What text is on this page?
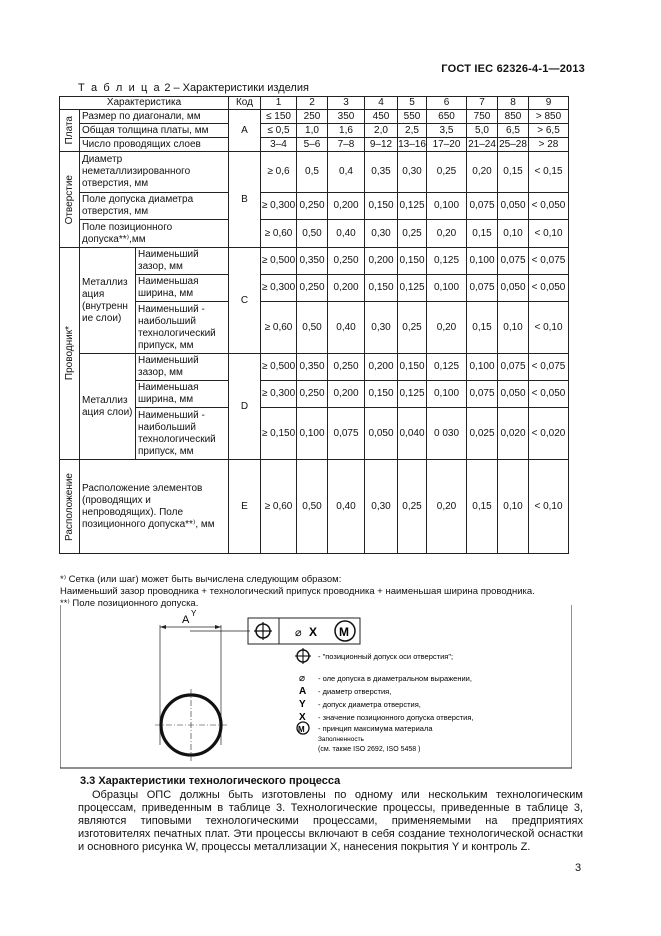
ГОСТ IEC 62326-4-1—2013
Т а б л и ц а 2 – Характеристики изделия
Характеристика			Код	1	2	3	4	5	6	7	8	9

Плата	Размер по диагонали, мм		A	≤ 150	250	350	450	550	650	750	850	> 850
	Общая толщина платы, мм			≤ 0,5	1,0	1,6	2,0	2,5	3,5	5,0	6,5	> 6,5
	Число проводящих слоев			3–4	5–6	7–8	9–12	13–16	17–20	21–24	25–28	> 28

Отверстие	Диаметр неметаллизированного отверстия, мм		B	≥ 0,6	0,5	0,4	0,35	0,30	0,25	0,20	0,15	< 0,15
	Поле допуска диаметра отверстия, мм			≥ 0,300	0,250	0,200	0,150	0,125	0,100	0,075	0,050	< 0,050
	Поле позиционного допуска**⁾,мм			≥ 0,60	0,50	0,40	0,30	0,25	0,20	0,15	0,10	< 0,10

Проводник*	Металлиз ация (внутренн ие слои)	Наименьший зазор, мм	C	≥ 0,500	0,350	0,250	0,200	0,150	0,125	0,100	0,075	< 0,075
		Наименьшая ширина, мм		≥ 0,300	0,250	0,200	0,150	0,125	0,100	0,075	0,050	< 0,050
		Наименьший - наибольший технологический припуск, мм		≥ 0,60	0,50	0,40	0,30	0,25	0,20	0,15	0,10	< 0,10
	Металлиз ация слои)	Наименьший зазор, мм	D	≥ 0,500	0,350	0,250	0,200	0,150	0,125	0,100	0,075	< 0,075
		Наименьшая ширина, мм		≥ 0,300	0,250	0,200	0,150	0,125	0,100	0,075	0,050	< 0,050
		Наименьший - наибольший технологический припуск, мм		≥ 0,150	0,100	0,075	0,050	0,040	0 030	0,025	0,020	< 0,020

Расположение	Расположение элементов (проводящих и непроводящих). Поле позиционного допуска**⁾, мм		E	≥ 0,60	0,50	0,40	0,30	0,25	0,20	0,15	0,10	< 0,10

*⁾ Сетка (или шаг) может быть вычислена следующим образом:

Наименьший зазор проводника + технологический припуск проводника + наименьшая ширина проводника.

**⁾ Поле позиционного допуска.

A
Y
⌀ X M
- "позиционный допуск оси отверстия";
⌀ - оле допуска в диаметральном выражении,
A - диаметр отверстия,
Y - допуск диаметра отверстия,
X - значение позиционного допуска отверстия,
M - принцип максимума материала
Заполненность
(см. также ISO 2692, ISO 5458 )
3.3 Характеристики технологического процесса

Образцы ОПС должны быть изготовлены по одному или нескольким технологическим процессам, приведенным в таблице 3. Технологические процессы, приведенные в таблице 3, являются типовыми технологическими процессами, применяемыми на предприятиях изготовителях печатных плат. Эти процессы включают в себя создание технологической оснастки и основного рисунка W, процессы металлизации X, нанесения покрытия Y и контроль Z.

3
